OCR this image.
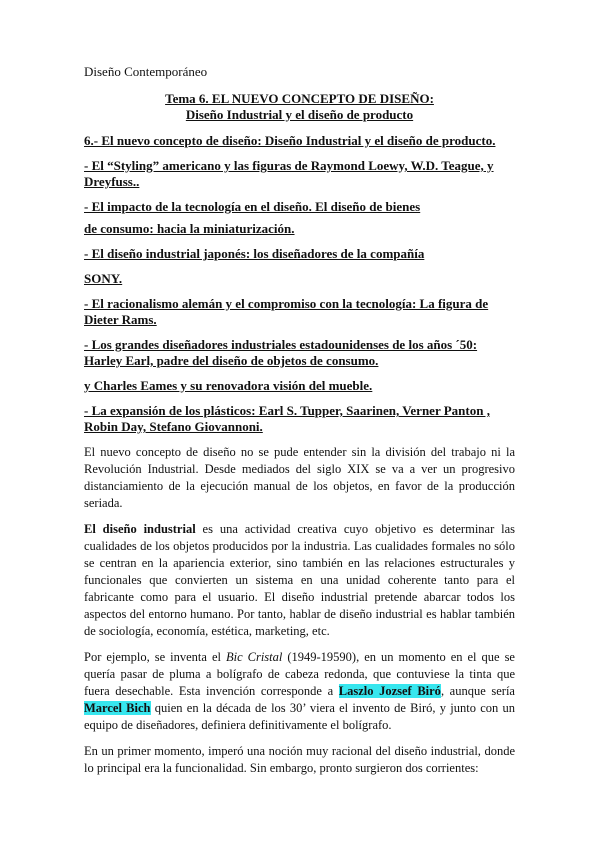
Diseño Contemporáneo

Tema 6. EL NUEVO CONCEPTO DE DISEÑO:
Diseño Industrial y el diseño de producto

6.- El nuevo concepto de diseño: Diseño Industrial y el diseño de producto.

- El “Styling” americano y las figuras de Raymond Loewy, W.D. Teague, y Dreyfuss..

- El impacto de la tecnología en el diseño. El diseño de bienes

de consumo: hacia la miniaturización.

- El diseño industrial japonés: los diseñadores de la compañía

SONY.

- El racionalismo alemán y el compromiso con la tecnología: La figura de Dieter Rams.

- Los grandes diseñadores industriales estadounidenses de los años ´50: Harley Earl, padre del diseño de objetos de consumo.

y Charles Eames y su renovadora visión del mueble.

- La expansión de los plásticos: Earl S. Tupper, Saarinen, Verner Panton , Robin Day, Stefano Giovannoni.

El nuevo concepto de diseño no se pude entender sin la división del trabajo ni la Revolución Industrial. Desde mediados del siglo XIX se va a ver un progresivo distanciamiento de la ejecución manual de los objetos, en favor de la producción seriada.

El diseño industrial es una actividad creativa cuyo objetivo es determinar las cualidades de los objetos producidos por la industria. Las cualidades formales no sólo se centran en la apariencia exterior, sino también en las relaciones estructurales y funcionales que convierten un sistema en una unidad coherente tanto para el fabricante como para el usuario. El diseño industrial pretende abarcar todos los aspectos del entorno humano. Por tanto, hablar de diseño industrial es hablar también de sociología, economía, estética, marketing, etc.

Por ejemplo, se inventa el Bic Cristal (1949-19590), en un momento en el que se quería pasar de pluma a bolígrafo de cabeza redonda, que contuviese la tinta que fuera desechable. Esta invención corresponde a Laszlo Jozsef Biró, aunque sería Marcel Bich quien en la década de los 30’ viera el invento de Biró, y junto con un equipo de diseñadores, definiera definitivamente el bolígrafo.

En un primer momento, imperó una noción muy racional del diseño industrial, donde lo principal era la funcionalidad. Sin embargo, pronto surgieron dos corrientes:
